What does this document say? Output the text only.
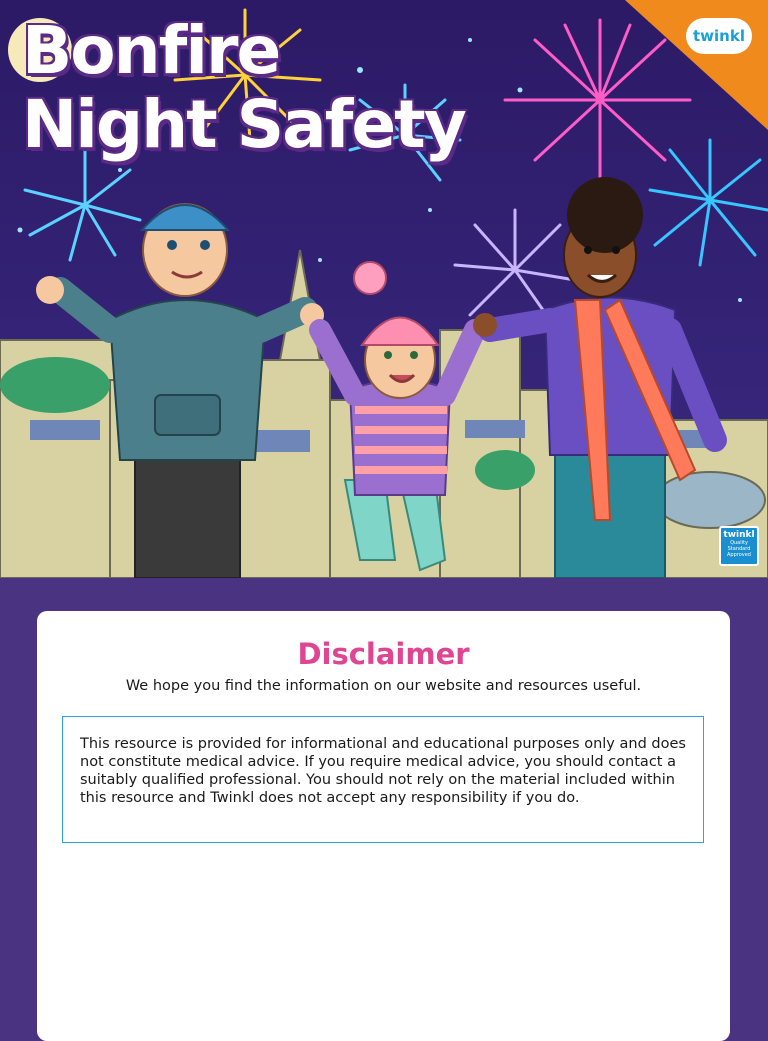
Bonfire
Night Safety
twinkl
twinkl
Quality Standard Approved
Disclaimer

We hope you find the information on our website and resources useful.

This resource is provided for informational and educational purposes only and does not constitute medical advice. If you require medical advice, you should contact a suitably qualified professional. You should not rely on the material included within this resource and Twinkl does not accept any responsibility if you do.
